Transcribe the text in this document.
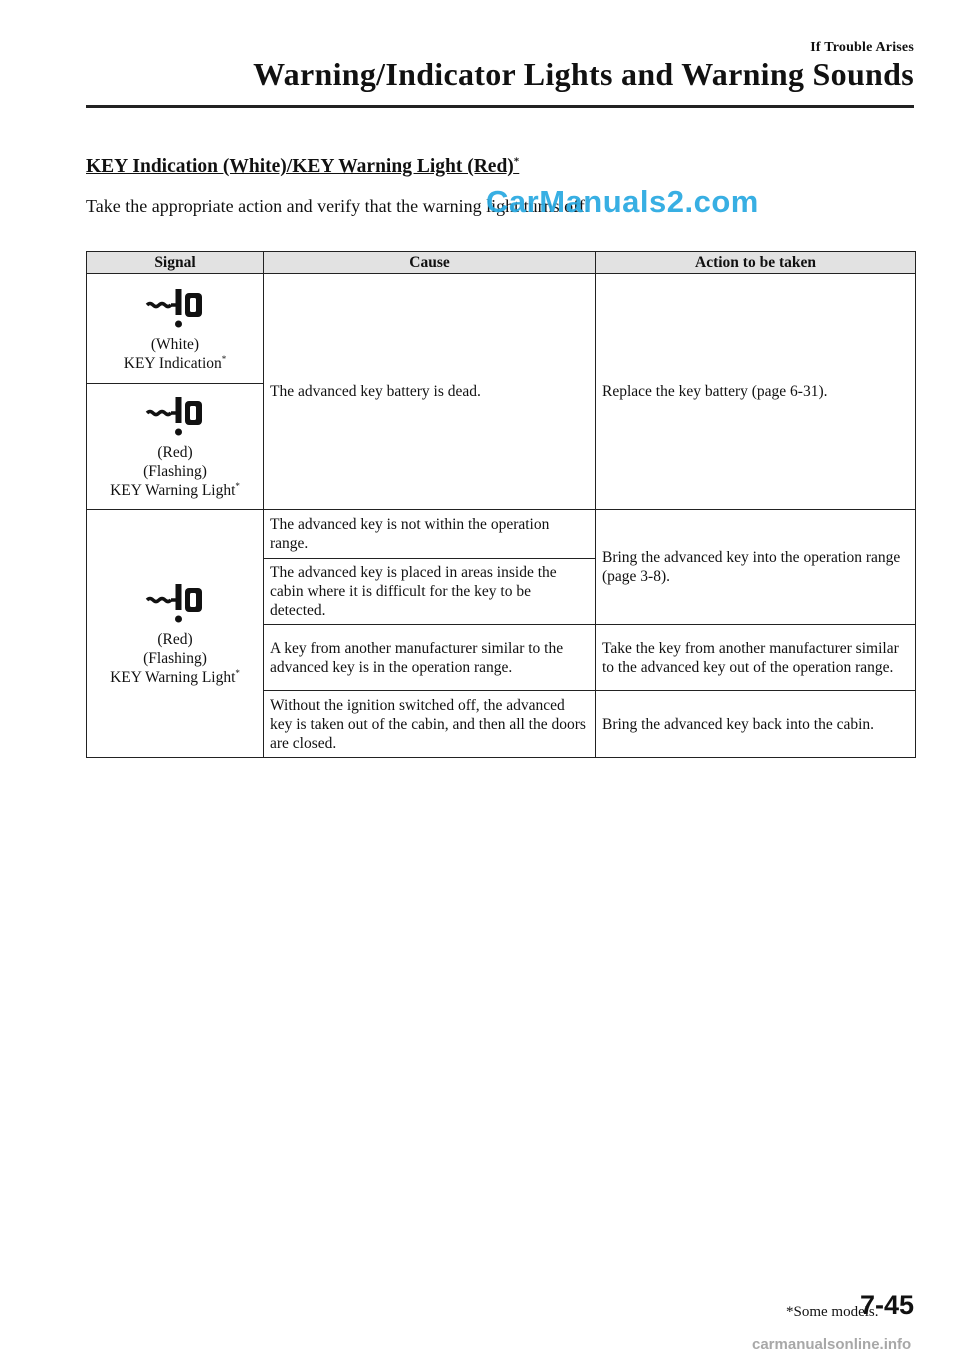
If Trouble Arises
Warning/Indicator Lights and Warning Sounds
KEY Indication (White)/KEY Warning Light (Red)*
Take the appropriate action and verify that the warning light turns off.
CarManuals2.com
Signal	Cause	Action to be taken

(White)
KEY Indication*	The advanced key battery is dead.	Replace the key battery (page 6-31).

(Red)
(Flashing)
KEY Warning Light*

(Red)
(Flashing)
KEY Warning Light*	The advanced key is not within the operation range.	Bring the advanced key into the operation range (page 3-8).
	The advanced key is placed in areas inside the cabin where it is difficult for the key to be detected.	
	A key from another manufacturer similar to the advanced key is in the operation range.	Take the key from another manufacturer similar to the advanced key out of the operation range.
	Without the ignition switched off, the advanced key is taken out of the cabin, and then all the doors are closed.	Bring the advanced key back into the cabin.
*Some models.
7-45
carmanualsonline.info
